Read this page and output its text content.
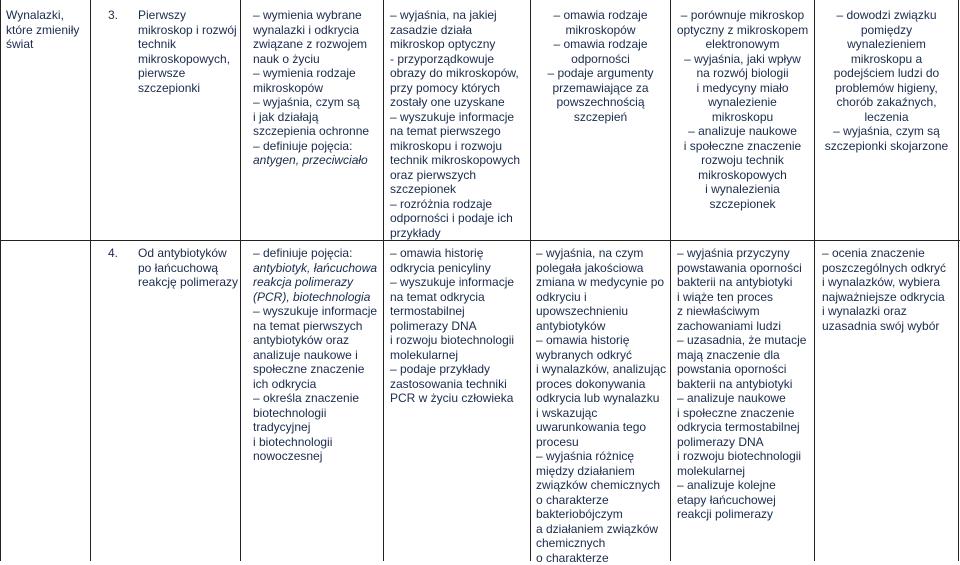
Wynalazki,
które zmieniły
świat
3. Pierwszy
mikroskop i rozwój
technik
mikroskopowych,
pierwsze
szczepionki
– wymienia wybrane
wynalazki i odkrycia
związane z rozwojem
nauk o życiu
– wymienia rodzaje
mikroskopów
– wyjaśnia, czym są
i jak działają
szczepienia ochronne
– definiuje pojęcia:
antygen, przeciwciało
– wyjaśnia, na jakiej
zasadzie działa
mikroskop optyczny
- przyporządkowuje
obrazy do mikroskopów,
przy pomocy których
zostały one uzyskane
– wyszukuje informacje
na temat pierwszego
mikroskopu i rozwoju
technik mikroskopowych
oraz pierwszych
szczepionek
– rozróżnia rodzaje
odporności i podaje ich
przykłady
– omawia rodzaje
mikroskopów
– omawia rodzaje
odporności
– podaje argumenty
przemawiające za
powszechnością
szczepień
– porównuje mikroskop
optyczny z mikroskopem
elektronowym
– wyjaśnia, jaki wpływ
na rozwój biologii
i medycyny miało
wynalezienie
mikroskopu
– analizuje naukowe
i społeczne znaczenie
rozwoju technik
mikroskopowych
i wynalezienia
szczepionek
– dowodzi związku
pomiędzy
wynalezieniem
mikroskopu a
podejściem ludzi do
problemów higieny,
chorób zakaźnych,
leczenia
– wyjaśnia, czym są
szczepionki skojarzone
4. Od antybiotyków
po łańcuchową
reakcję polimerazy
– definiuje pojęcia:
antybiotyk, łańcuchowa
reakcja polimerazy
(PCR), biotechnologia
– wyszukuje informacje
na temat pierwszych
antybiotyków oraz
analizuje naukowe i
społeczne znaczenie
ich odkrycia
– określa znaczenie
biotechnologii
tradycyjnej
i biotechnologii
nowoczesnej
– omawia historię
odkrycia penicyliny
– wyszukuje informacje
na temat odkrycia
termostabilnej
polimerazy DNA
i rozwoju biotechnologii
molekularnej
– podaje przykłady
zastosowania techniki
PCR w życiu człowieka
– wyjaśnia, na czym
polegała jakościowa
zmiana w medycynie po
odkryciu i
upowszechnieniu
antybiotyków
– omawia historię
wybranych odkryć
i wynalazków, analizując
proces dokonywania
odkrycia lub wynalazku
i wskazując
uwarunkowania tego
procesu
– wyjaśnia różnicę
między działaniem
związków chemicznych
o charakterze
bakteriobójczym
a działaniem związków
chemicznych
o charakterze
– wyjaśnia przyczyny
powstawania oporności
bakterii na antybiotyki
i wiąże ten proces
z niewłaściwym
zachowaniami ludzi
– uzasadnia, że mutacje
mają znaczenie dla
powstania oporności
bakterii na antybiotyki
– analizuje naukowe
i społeczne znaczenie
odkrycia termostabilnej
polimerazy DNA
i rozwoju biotechnologii
molekularnej
– analizuje kolejne
etapy łańcuchowej
reakcji polimerazy
– ocenia znaczenie
poszczególnych odkryć
i wynalazków, wybiera
najważniejsze odkrycia
i wynalazki oraz
uzasadnia swój wybór
